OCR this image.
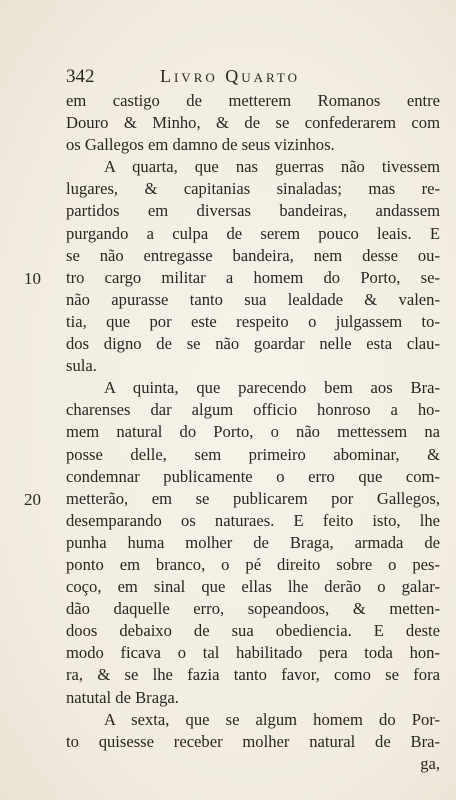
342	Livro Quarto
em castigo de metterem Romanos entre
Douro & Minho, & de se confederarem com
os Gallegos em damno de seus vizinhos.
A quarta, que nas guerras não tivessem
lugares, & capitanias sinaladas; mas re-
partidos em diversas bandeiras, andassem
purgando a culpa de serem pouco leais. E
se não entregasse bandeira, nem desse ou-
tro cargo militar a homem do Porto, se-
não apurasse tanto sua lealdade & valen-
tia, que por este respeito o julgassem to-
dos digno de se não goardar nelle esta clau-
sula.
A quinta, que parecendo bem aos Bra-
charenses dar algum officio honroso a ho-
mem natural do Porto, o não mettessem na
posse delle, sem primeiro abominar, &
condemnar publicamente o erro que com-
metterão, em se publicarem por Gallegos,
desemparando os naturaes. E feito isto, lhe
punha huma molher de Braga, armada de
ponto em branco, o pé direito sobre o pes-
coço, em sinal que ellas lhe derão o galar-
dão daquelle erro, sopeandoos, & metten-
doos debaixo de sua obediencia. E deste
modo ficava o tal habilitado pera toda hon-
ra, & se lhe fazia tanto favor, como se fora
natutal de Braga.
A sexta, que se algum homem do Por-
to quisesse receber molher natural de Bra-
ga,
10
20
